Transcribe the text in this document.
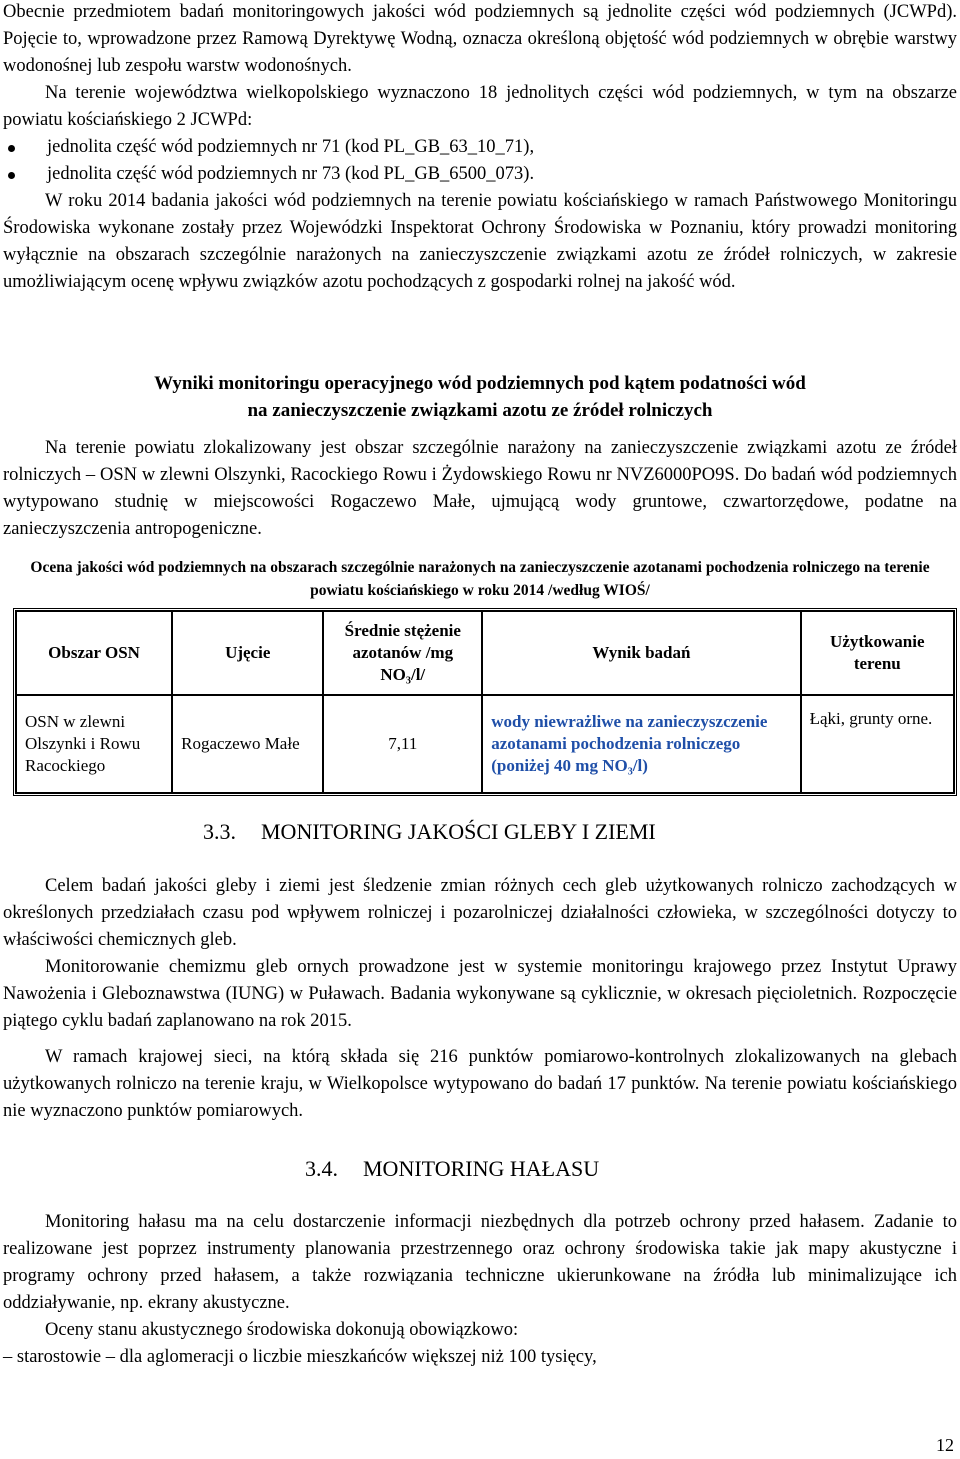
Obecnie przedmiotem badań monitoringowych jakości wód podziemnych są jednolite części wód podziemnych (JCWPd). Pojęcie to, wprowadzone przez Ramową Dyrektywę Wodną, oznacza określoną objętość wód podziemnych w obrębie warstwy wodonośnej lub zespołu warstw wodonośnych.

Na terenie województwa wielkopolskiego wyznaczono 18 jednolitych części wód podziemnych, w tym na obszarze powiatu kościańskiego 2 JCWPd:

jednolita część wód podziemnych nr 71 (kod PL_GB_63_10_71),
jednolita część wód podziemnych nr 73 (kod PL_GB_6500_073).

W roku 2014 badania jakości wód podziemnych na terenie powiatu kościańskiego w ramach Państwowego Monitoringu Środowiska wykonane zostały przez Wojewódzki Inspektorat Ochrony Środowiska w Poznaniu, który prowadzi monitoring wyłącznie na obszarach szczególnie narażonych na zanieczyszczenie związkami azotu ze źródeł rolniczych, w zakresie umożliwiającym ocenę wpływu związków azotu pochodzących z gospodarki rolnej na jakość wód.

Wyniki monitoringu operacyjnego wód podziemnych pod kątem podatności wód
na zanieczyszczenie związkami azotu ze źródeł rolniczych

Na terenie powiatu zlokalizowany jest obszar szczególnie narażony na zanieczyszczenie związkami azotu ze źródeł rolniczych – OSN w zlewni Olszynki, Racockiego Rowu i Żydowskiego Rowu nr NVZ6000PO9S. Do badań wód podziemnych wytypowano studnię w miejscowości Rogaczewo Małe, ujmującą wody gruntowe, czwartorzędowe, podatne na zanieczyszczenia antropogeniczne.

Ocena jakości wód podziemnych na obszarach szczególnie narażonych na zanieczyszczenie azotanami pochodzenia rolniczego na terenie powiatu kościańskiego w roku 2014 /według WIOŚ/
Obszar OSN	Ujęcie	Średnie stężenie azotanów /mg NO₃/l/	Wynik badań	Użytkowanie terenu
OSN w zlewni Olszynki i Rowu Racockiego	Rogaczewo Małe	7,11	wody niewrażliwe na zanieczyszczenie azotanami pochodzenia rolniczego (poniżej 40 mg NO₃/l)	Łąki, grunty orne.
3.3. MONITORING JAKOŚCI GLEBY I ZIEMI

Celem badań jakości gleby i ziemi jest śledzenie zmian różnych cech gleb użytkowanych rolniczo zachodzących w określonych przedziałach czasu pod wpływem rolniczej i pozarolniczej działalności człowieka, w szczególności dotyczy to właściwości chemicznych gleb.

Monitorowanie chemizmu gleb ornych prowadzone jest w systemie monitoringu krajowego przez Instytut Uprawy Nawożenia i Gleboznawstwa (IUNG) w Puławach. Badania wykonywane są cyklicznie, w okresach pięcioletnich. Rozpoczęcie piątego cyklu badań zaplanowano na rok 2015.

W ramach krajowej sieci, na którą składa się 216 punktów pomiarowo-kontrolnych zlokalizowanych na glebach użytkowanych rolniczo na terenie kraju, w Wielkopolsce wytypowano do badań 17 punktów. Na terenie powiatu kościańskiego nie wyznaczono punktów pomiarowych.

3.4. MONITORING HAŁASU

Monitoring hałasu ma na celu dostarczenie informacji niezbędnych dla potrzeb ochrony przed hałasem. Zadanie to realizowane jest poprzez instrumenty planowania przestrzennego oraz ochrony środowiska takie jak mapy akustyczne i programy ochrony przed hałasem, a także rozwiązania techniczne ukierunkowane na źródła lub minimalizujące ich oddziaływanie, np. ekrany akustyczne.

Oceny stanu akustycznego środowiska dokonują obowiązkowo:

– starostowie – dla aglomeracji o liczbie mieszkańców większej niż 100 tysięcy,

12
